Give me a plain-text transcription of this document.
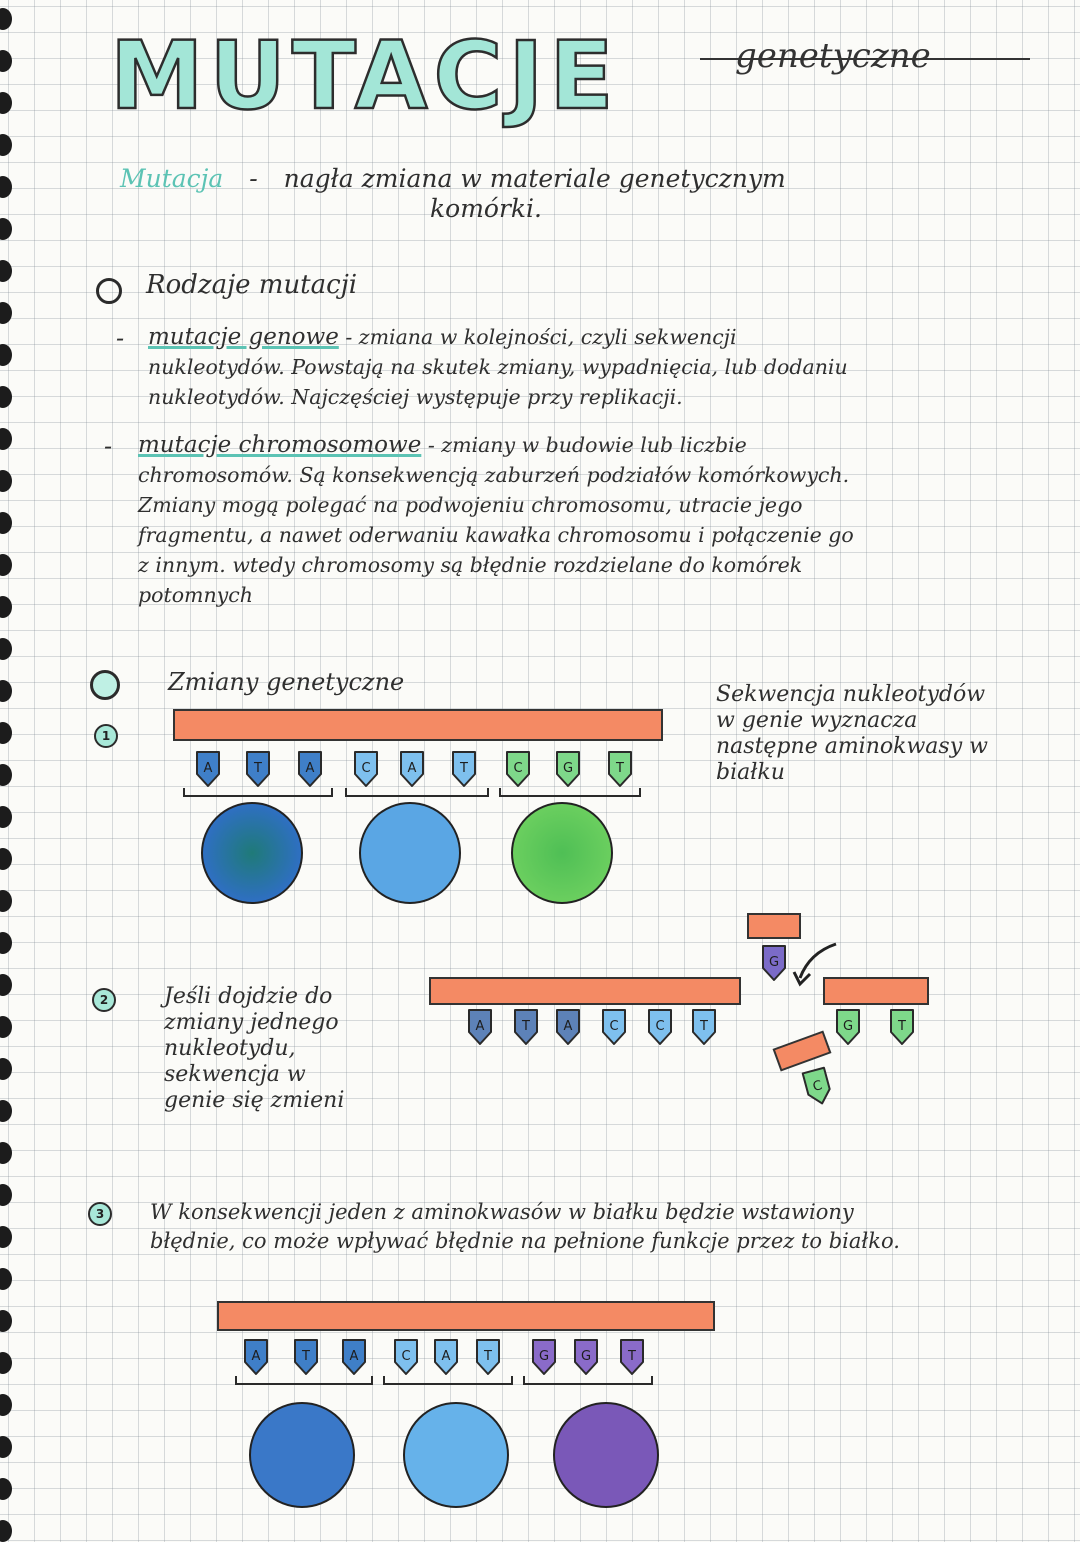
MUTACJE	genetyczne
Mutacja - nagła zmiana w materiale genetycznym
komórki.
Rodzaje mutacji
- mutacje genowe - zmiana w kolejności, czyli sekwencji nukleotydów. Powstają na skutek zmiany, wypadnięcia, lub dodaniu nukleotydów. Najczęściej występuje przy replikacji.
- mutacje chromosomowe - zmiany w budowie lub liczbie chromosomów. Są konsekwencją zaburzeń podziałów komórkowych. Zmiany mogą polegać na podwojeniu chromosomu, utracie jego fragmentu, a nawet oderwaniu kawałka chromosomu i połączenie go z innym. wtedy chromosomy są błędnie rozdzielane do komórek potomnych
Zmiany genetyczne
1
Sekwencja nukleotydów w genie wyznacza następne aminokwasy w białku
2	Jeśli dojdzie do zmiany jednego nukleotydu, sekwencja w genie się zmieni
3	W konsekwencji jeden z aminokwasów w białku będzie wstawiony błędnie, co może wpływać błędnie na pełnione funkcje przez to białko.
A	T	A	C	A	T	C	G	T
A	T	A	C	C	T
G
G	T
C
A	T	A	C A	T	G G	T
